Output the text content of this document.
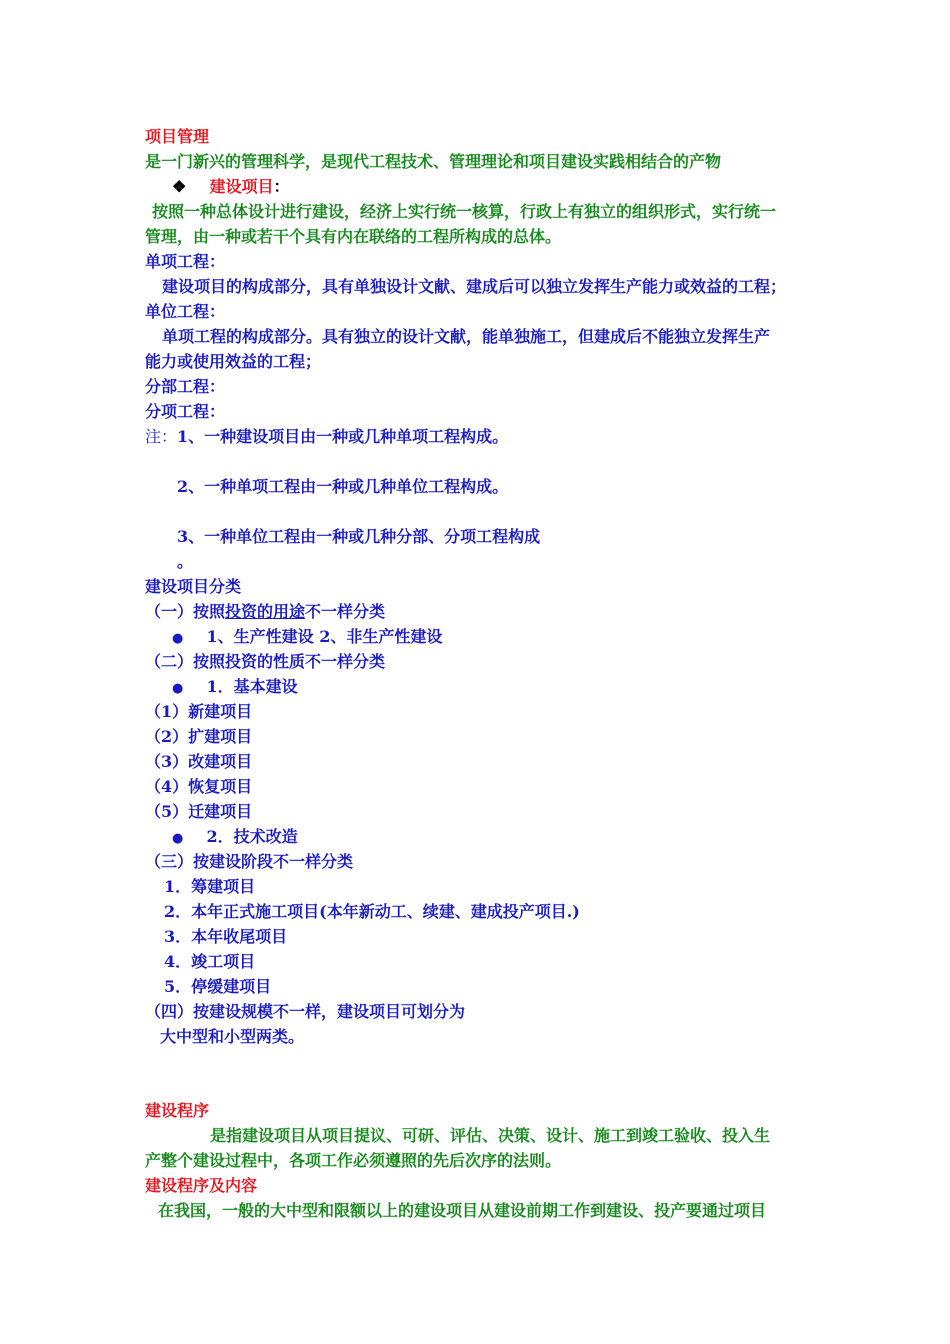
项目管理
是一门新兴的管理科学，是现代工程技术、管理理论和项目建设实践相结合的产物
❖ 建设项目：
按照一种总体设计进行建设，经济上实行统一核算，行政上有独立的组织形式，实行统一
管理，由一种或若干个具有内在联络的工程所构成的总体。
单项工程：
建设项目的构成部分，具有单独设计文献、建成后可以独立发挥生产能力或效益的工程；
单位工程：
单项工程的构成部分。具有独立的设计文献，能单独施工，但建成后不能独立发挥生产
能力或使用效益的工程；
分部工程：
分项工程：
注：1、一种建设项目由一种或几种单项工程构成。
2、一种单项工程由一种或几种单位工程构成。
3、一种单位工程由一种或几种分部、分项工程构成
。
建设项目分类
（一）按照投资的用途不一样分类
● 1、生产性建设 2、非生产性建设
（二）按照投资的性质不一样分类
● 1．基本建设
（1）新建项目
（2）扩建项目
（3）改建项目
（4）恢复项目
（5）迁建项目
● 2．技术改造
（三）按建设阶段不一样分类
1．筹建项目
2．本年正式施工项目(本年新动工、续建、建成投产项目.)
3．本年收尾项目
4．竣工项目
5．停缓建项目
（四）按建设规模不一样，建设项目可划分为
大中型和小型两类。
建设程序
是指建设项目从项目提议、可研、评估、决策、设计、施工到竣工验收、投入生
产整个建设过程中，各项工作必须遵照的先后次序的法则。
建设程序及内容
在我国，一般的大中型和限额以上的建设项目从建设前期工作到建设、投产要通过项目
